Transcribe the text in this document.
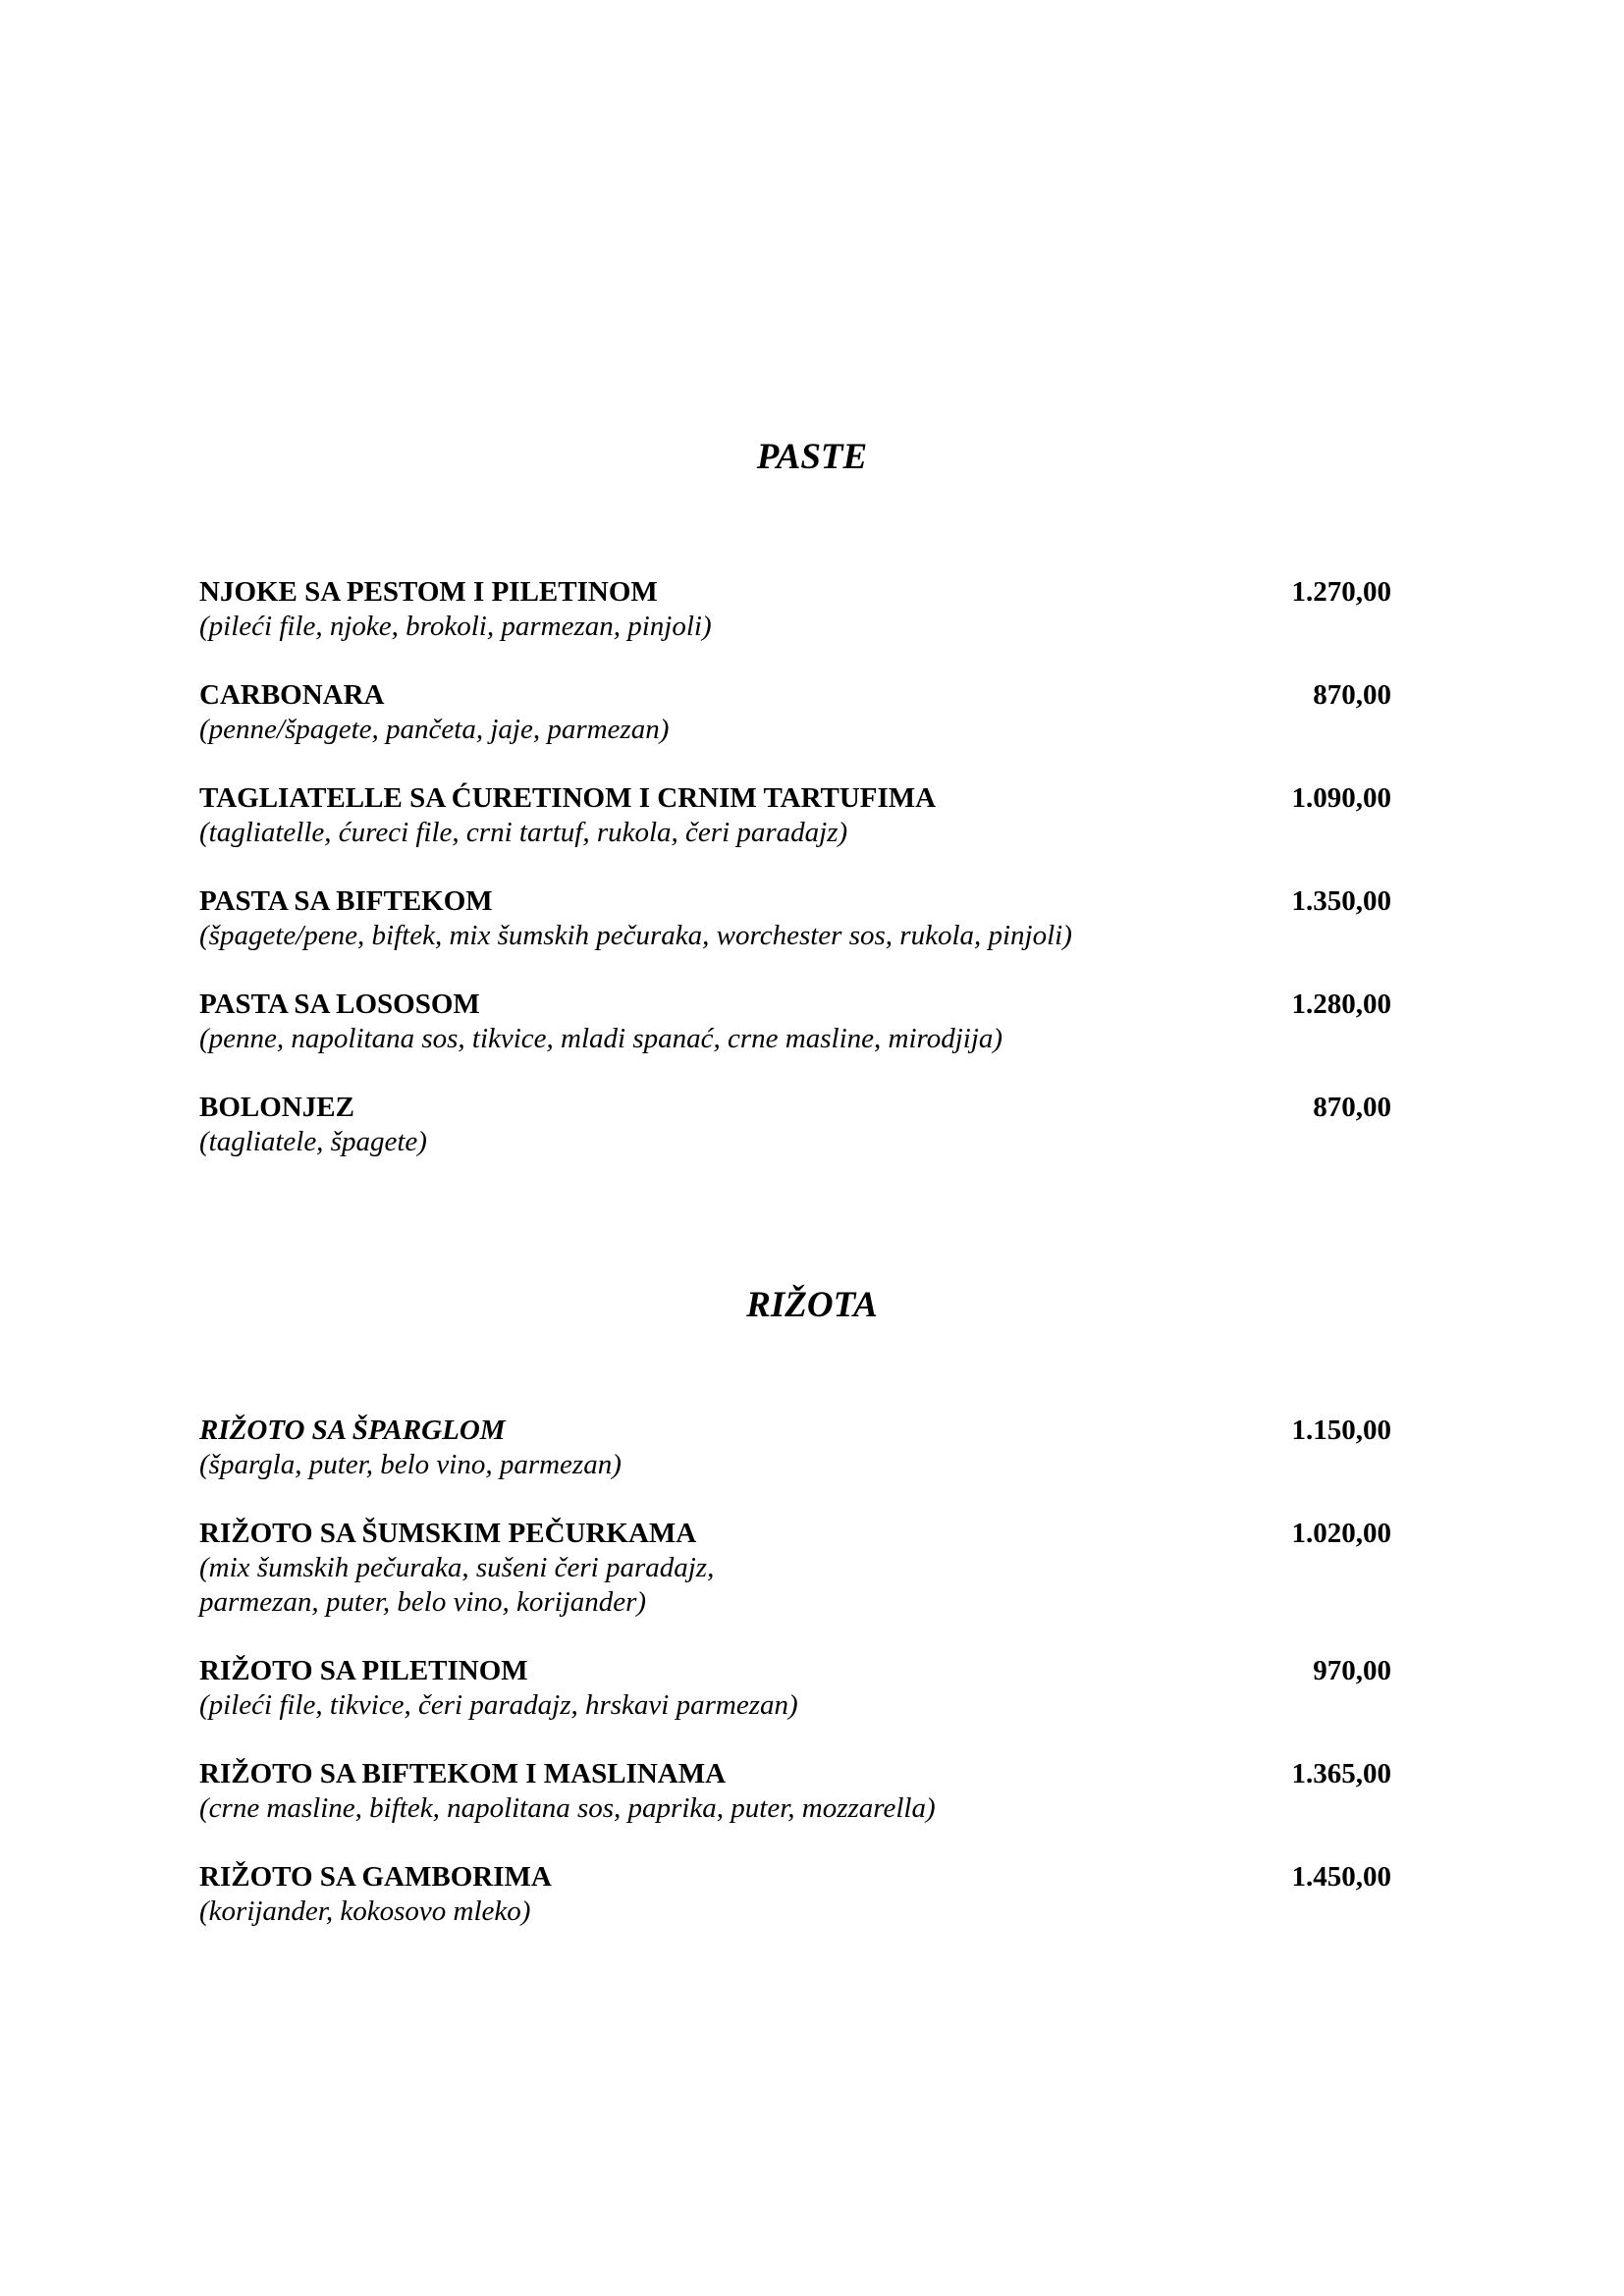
PASTE
NJOKE SA PESTOM I PILETINOM	1.270,00
(pileći file, njoke, brokoli, parmezan, pinjoli)
CARBONARA	870,00
(penne/špagete, pančeta, jaje, parmezan)
TAGLIATELLE SA ĆURETINOM I CRNIM TARTUFIMA	1.090,00
(tagliatelle, ćureci file, crni tartuf, rukola, čeri paradajz)
PASTA SA BIFTEKOM	1.350,00
(špagete/pene, biftek, mix šumskih pečuraka, worchester sos, rukola, pinjoli)
PASTA SA LOSOSOM	1.280,00
(penne, napolitana sos, tikvice, mladi spanać, crne masline, mirodjija)
BOLONJEZ	870,00
(tagliatele, špagete)
RIŽOTA
RIŽOTO SA ŠPARGLOM	1.150,00
(špargla, puter, belo vino, parmezan)
RIŽOTO SA ŠUMSKIM PEČURKAMA	1.020,00
(mix šumskih pečuraka, sušeni čeri paradajz,
parmezan, puter, belo vino, korijander)
RIŽOTO SA PILETINOM	970,00
(pileći file, tikvice, čeri paradajz, hrskavi parmezan)
RIŽOTO SA BIFTEKOM I MASLINAMA	1.365,00
(crne masline, biftek, napolitana sos, paprika, puter, mozzarella)
RIŽOTO SA GAMBORIMA	1.450,00
(korijander, kokosovo mleko)
